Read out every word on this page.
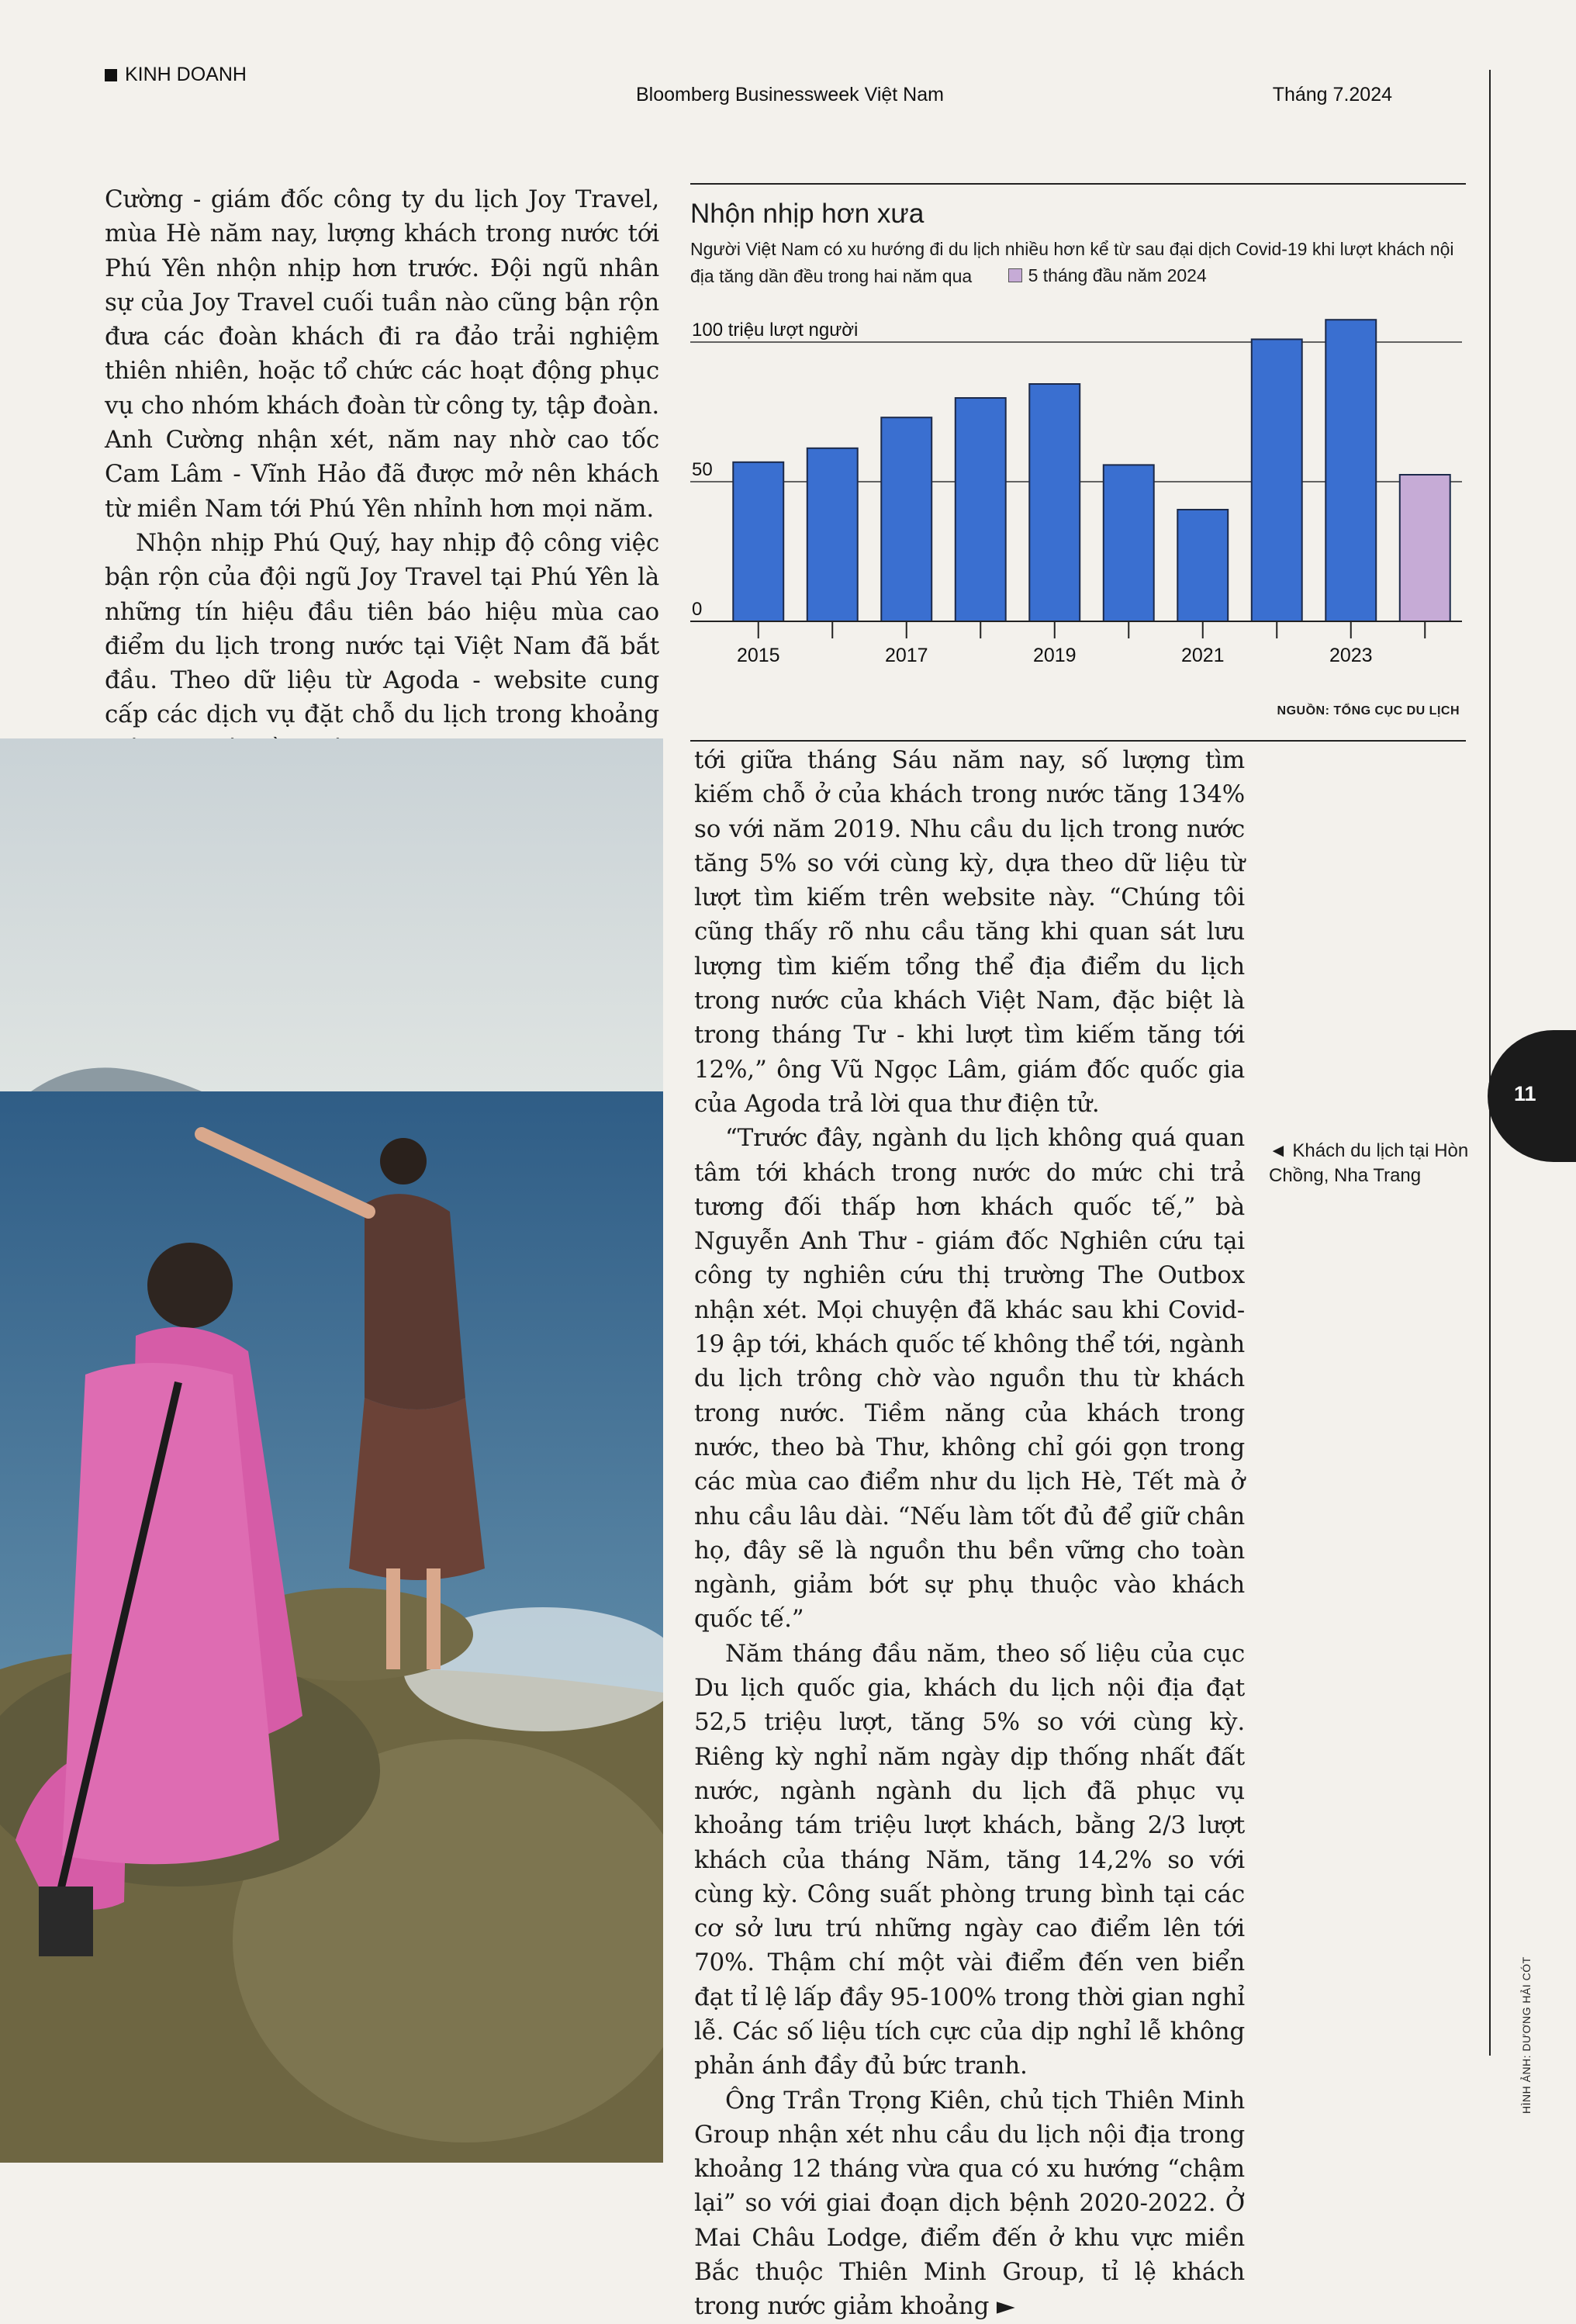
KINH DOANH
Bloomberg Businessweek Việt Nam	Tháng 7.2024

Cường - giám đốc công ty du lịch Joy Travel, mùa Hè năm nay, lượng khách trong nước tới Phú Yên nhộn nhịp hơn trước. Đội ngũ nhân sự của Joy Travel cuối tuần nào cũng bận rộn đưa các đoàn khách đi ra đảo trải nghiệm thiên nhiên, hoặc tổ chức các hoạt động phục vụ cho nhóm khách đoàn từ công ty, tập đoàn. Anh Cường nhận xét, năm nay nhờ cao tốc Cam Lâm - Vĩnh Hảo đã được mở nên khách từ miền Nam tới Phú Yên nhỉnh hơn mọi năm.

Nhộn nhịp Phú Quý, hay nhịp độ công việc bận rộn của đội ngũ Joy Travel tại Phú Yên là những tín hiệu đầu tiên báo hiệu mùa cao điểm du lịch trong nước tại Việt Nam đã bắt đầu. Theo dữ liệu từ Agoda - website cung cấp các dịch vụ đặt chỗ du lịch trong khoảng

Nhộn nhịp hơn xưa
Người Việt Nam có xu hướng đi du lịch nhiều hơn kể từ sau đại dịch Covid-19 khi lượt khách nội địa tăng dần đều trong hai năm qua	5 tháng đầu năm 2024
0
50
100 triệu lượt người
2015	2017	2019	2021	2023
NGUỒN: TỔNG CỤC DU LỊCH

tới giữa tháng Sáu năm nay, số lượng tìm kiếm chỗ ở của khách trong nước tăng 134% so với năm 2019. Nhu cầu du lịch trong nước tăng 5% so với cùng kỳ, dựa theo dữ liệu từ lượt tìm kiếm trên website này. “Chúng tôi cũng thấy rõ nhu cầu tăng khi quan sát lưu lượng tìm kiếm tổng thể địa điểm du lịch trong nước của khách Việt Nam, đặc biệt là trong tháng Tư - khi lượt tìm kiếm tăng tới 12%,” ông Vũ Ngọc Lâm, giám đốc quốc gia của Agoda trả lời qua thư điện tử.

“Trước đây, ngành du lịch không quá quan tâm tới khách trong nước do mức chi trả tương đối thấp hơn khách quốc tế,” bà Nguyễn Anh Thư - giám đốc Nghiên cứu tại công ty nghiên cứu thị trường The Outbox nhận xét. Mọi chuyện đã khác sau khi Covid-19 ập tới, khách quốc tế không thể tới, ngành du lịch trông chờ vào nguồn thu từ khách trong nước. Tiềm năng của khách trong nước, theo bà Thư, không chỉ gói gọn trong các mùa cao điểm như du lịch Hè, Tết mà ở nhu cầu lâu dài. “Nếu làm tốt đủ để giữ chân họ, đây sẽ là nguồn thu bền vững cho toàn ngành, giảm bớt sự phụ thuộc vào khách quốc tế.”

Năm tháng đầu năm, theo số liệu của cục Du lịch quốc gia, khách du lịch nội địa đạt 52,5 triệu lượt, tăng 5% so với cùng kỳ. Riêng kỳ nghỉ năm ngày dịp thống nhất đất nước, ngành ngành du lịch đã phục vụ khoảng tám triệu lượt khách, bằng 2/3 lượt khách của tháng Năm, tăng 14,2% so với cùng kỳ. Công suất phòng trung bình tại các cơ sở lưu trú những ngày cao điểm lên tới 70%. Thậm chí một vài điểm đến ven biển đạt tỉ lệ lấp đầy 95-100% trong thời gian nghỉ lễ. Các số liệu tích cực của dịp nghỉ lễ không phản ánh đầy đủ bức tranh.

Ông Trần Trọng Kiên, chủ tịch Thiên Minh Group nhận xét nhu cầu du lịch nội địa trong khoảng 12 tháng vừa qua có xu hướng “chậm lại” so với giai đoạn dịch bệnh 2020-2022. Ở Mai Châu Lodge, điểm đến ở khu vực miền Bắc thuộc Thiên Minh Group, tỉ lệ khách trong nước giảm khoảng ►

◄ Khách du lịch tại Hòn Chồng, Nha Trang
11
HÌNH ẢNH: DƯƠNG HẢI CÓT
